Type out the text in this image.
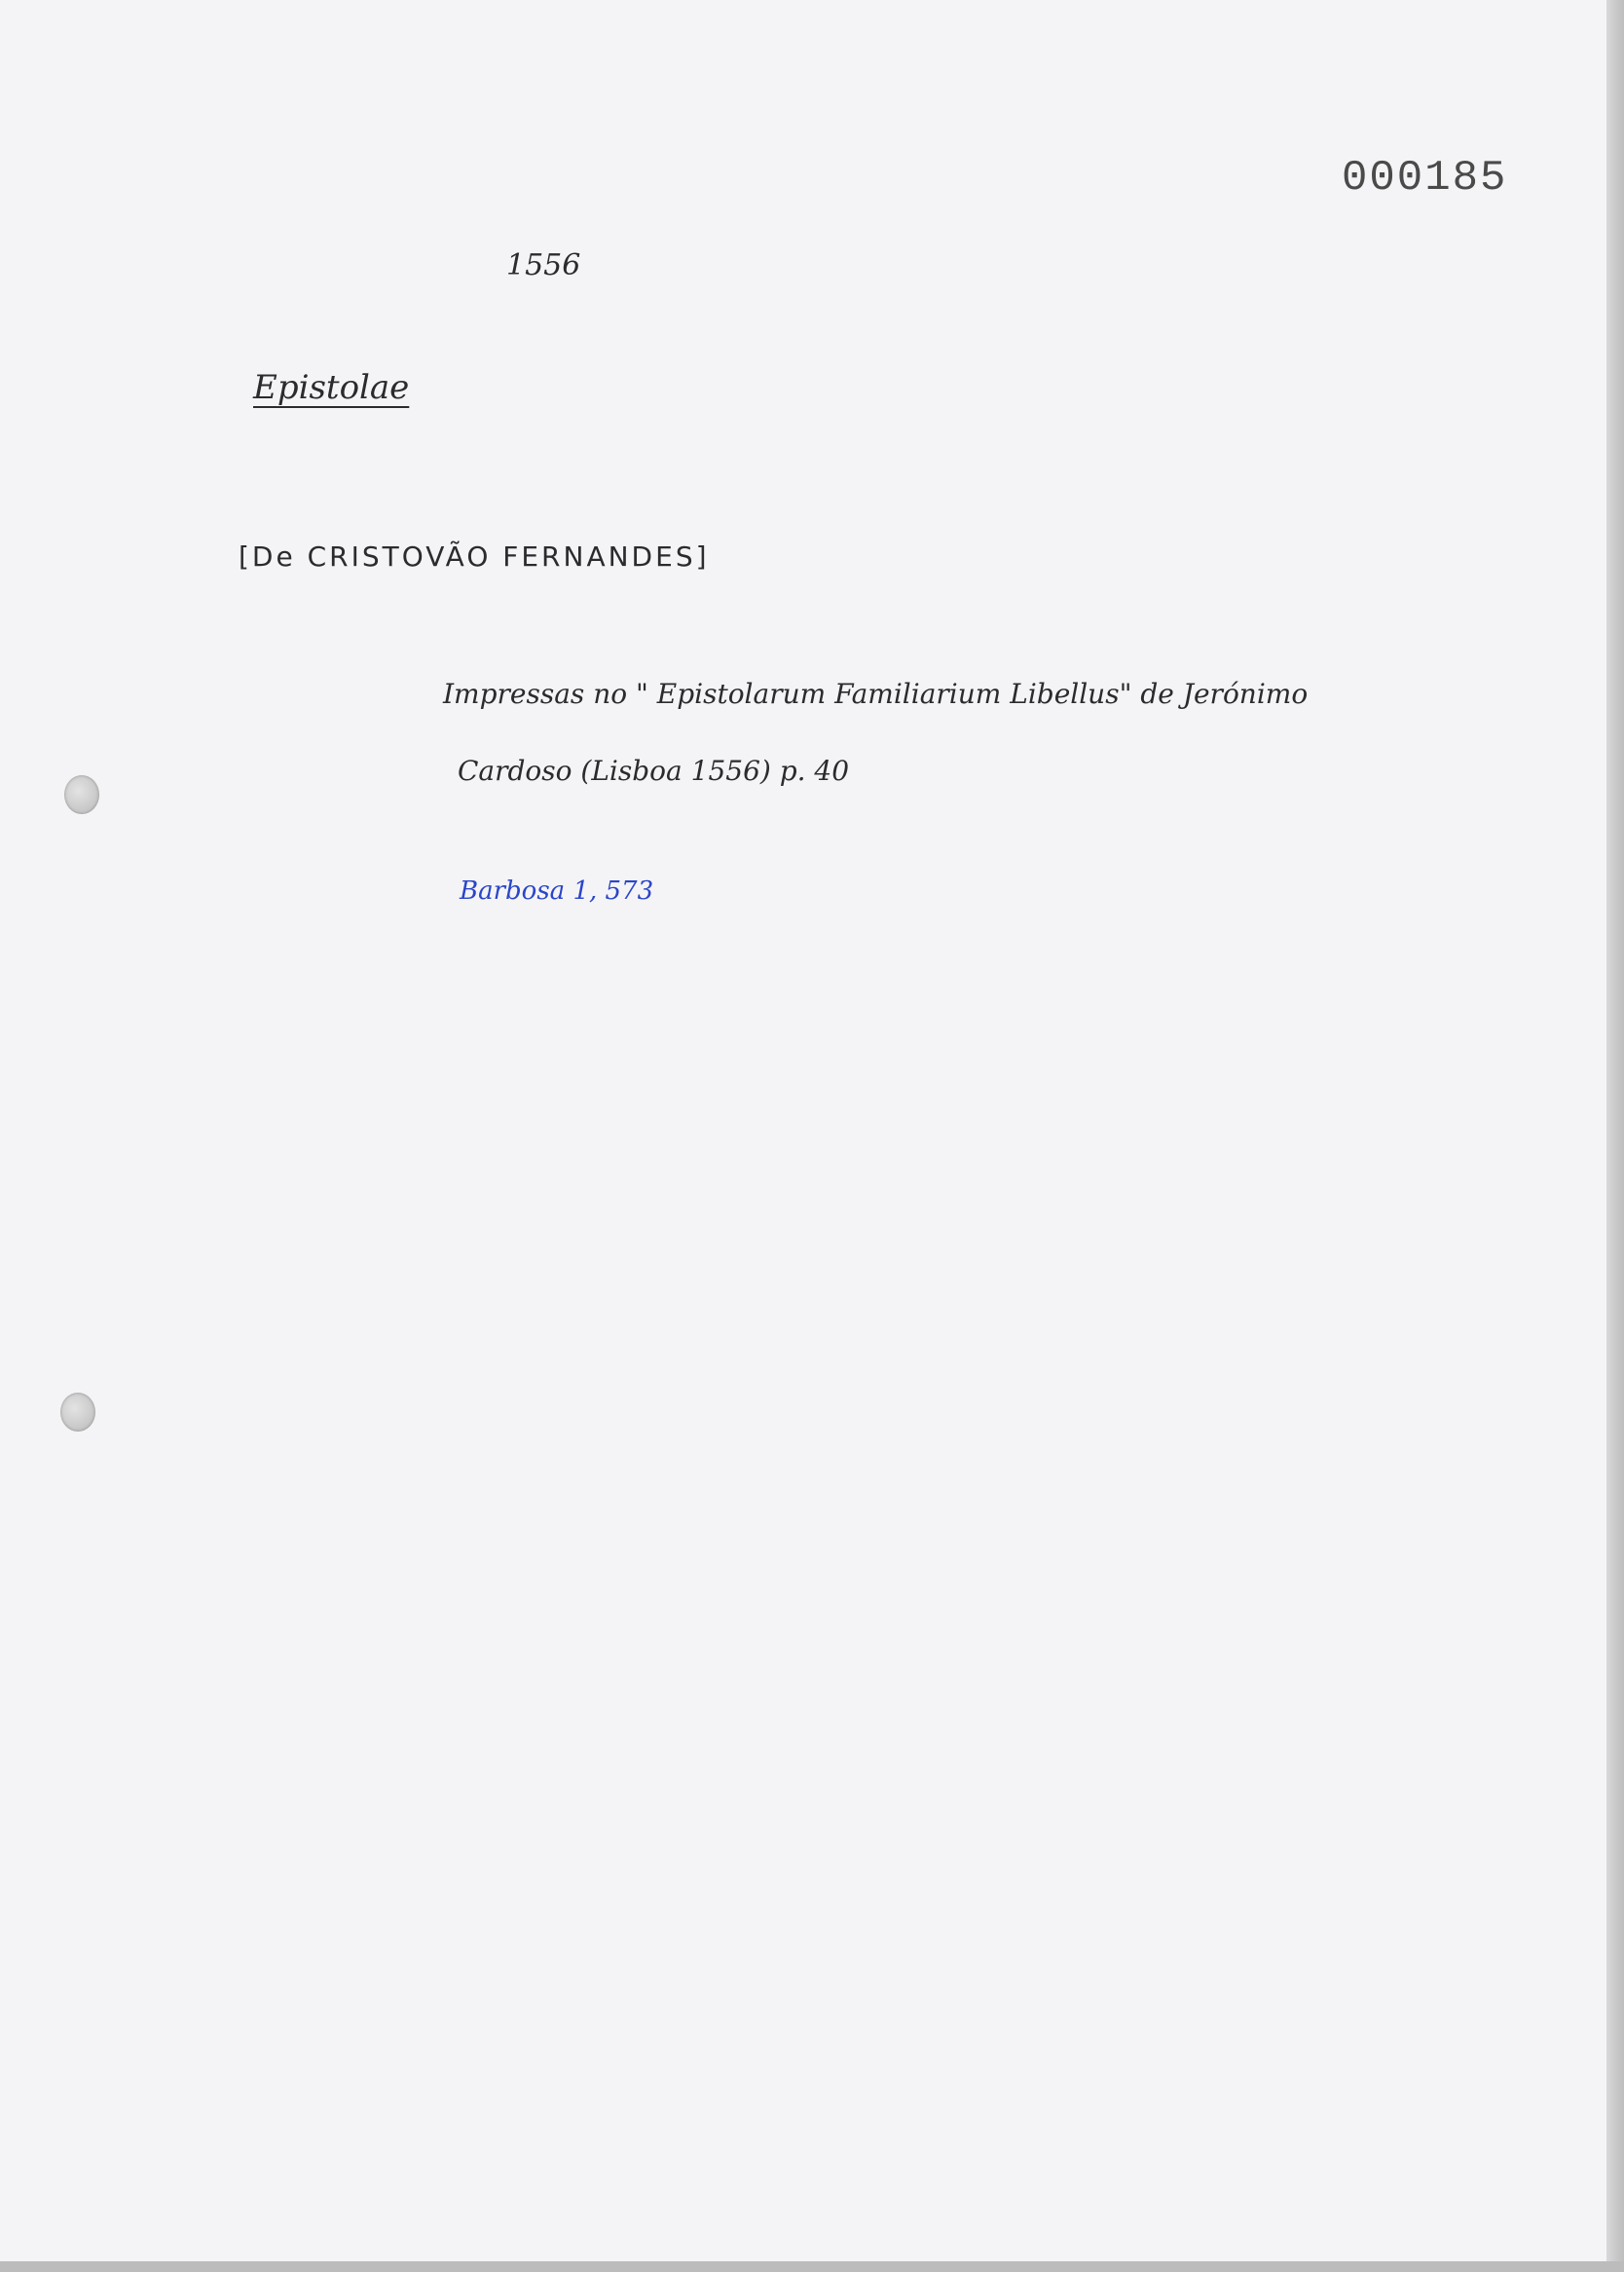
000185
1556
Epistolae
[De CRISTOVÃO FERNANDES]
Impressas no " Epistolarum Familiarium Libellus" de Jerónimo
Cardoso (Lisboa 1556) p. 40
Barbosa 1, 573
